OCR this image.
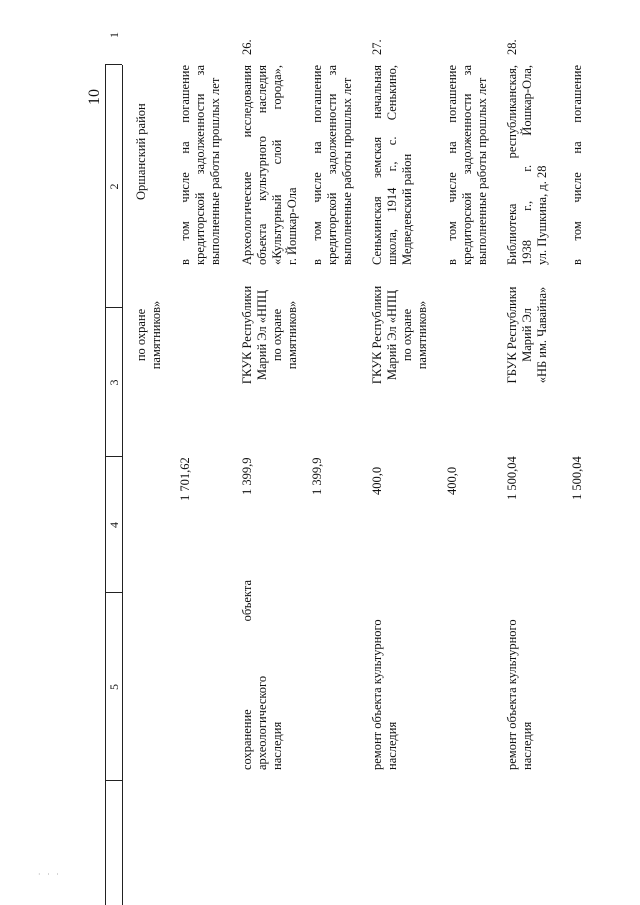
10
1
2
3
4
5
Оршанский район
по охране памятников»
в том числе на погашение кредиторской задолженности за выполненные работы прошлых лет
1 701,62
26.
Археологические исследования объекта культурного наследия «Культурный слой города», г. Йошкар-Ола
1 399,9
ГКУК Республики Марий Эл «НПЦ по охране памятников»
сохранение объекта археологического наследия
в том числе на погашение кредиторской задолженности за выполненные работы прошлых лет
1 399,9
27.
Сенькинская земская начальная школа, 1914 г., с. Сенькино, Медведевский район
400,0
ГКУК Республики Марий Эл «НПЦ по охране памятников»
ремонт объекта культурного наследия
в том числе на погашение кредиторской задолженности за выполненные работы прошлых лет
400,0
28.
Библиотека республиканская, 1938 г., г. Йошкар-Ола, ул. Пушкина, д. 28
1 500,04
ГБУК Республики Марий Эл «НБ им. Чавайна»
ремонт объекта культурного наследия
в том числе на погашение
1 500,04
· · ·
